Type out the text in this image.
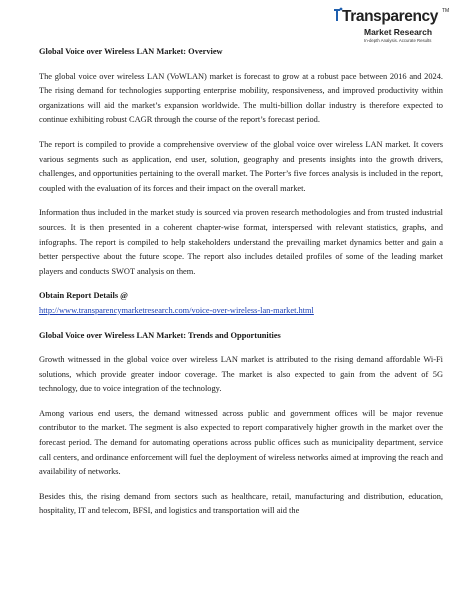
Transparency TM
Market Research
In-depth Analysis. Accurate Results
Global Voice over Wireless LAN Market: Overview

The global voice over wireless LAN (VoWLAN) market is forecast to grow at a robust pace between 2016 and 2024. The rising demand for technologies supporting enterprise mobility, responsiveness, and improved productivity within organizations will aid the market’s expansion worldwide. The multi-billion dollar industry is therefore expected to continue exhibiting robust CAGR through the course of the report’s forecast period.

The report is compiled to provide a comprehensive overview of the global voice over wireless LAN market. It covers various segments such as application, end user, solution, geography and presents insights into the growth drivers, challenges, and opportunities pertaining to the overall market. The Porter’s five forces analysis is included in the report, coupled with the evaluation of its forces and their impact on the overall market.

Information thus included in the market study is sourced via proven research methodologies and from trusted industrial sources. It is then presented in a coherent chapter-wise format, interspersed with relevant statistics, graphs, and infographs. The report is compiled to help stakeholders understand the prevailing market dynamics better and gain a better perspective about the future scope. The report also includes detailed profiles of some of the leading market players and conducts SWOT analysis on them.

Obtain Report Details @
http://www.transparencymarketresearch.com/voice-over-wireless-lan-market.html
Global Voice over Wireless LAN Market: Trends and Opportunities

Growth witnessed in the global voice over wireless LAN market is attributed to the rising demand affordable Wi-Fi solutions, which provide greater indoor coverage. The market is also expected to gain from the advent of 5G technology, due to voice integration of the technology.

Among various end users, the demand witnessed across public and government offices will be major revenue contributor to the market. The segment is also expected to report comparatively higher growth in the market over the forecast period. The demand for automating operations across public offices such as municipality department, service call centers, and ordinance enforcement will fuel the deployment of wireless networks aimed at improving the reach and availability of networks.

Besides this, the rising demand from sectors such as healthcare, retail, manufacturing and distribution, education, hospitality, IT and telecom, BFSI, and logistics and transportation will aid the
